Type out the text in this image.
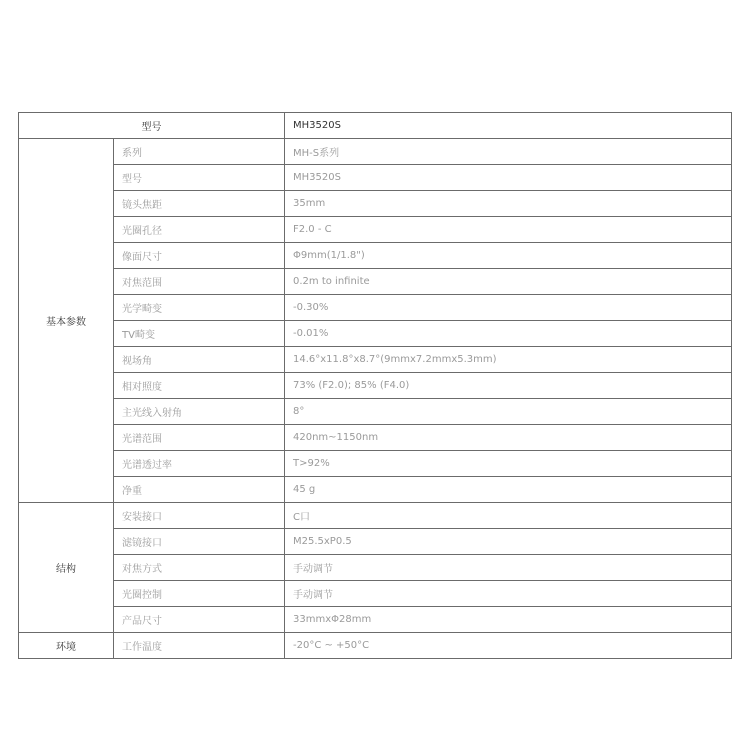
型号		MH3520S
基本参数	系列	MH-S系列
	型号	MH3520S
	镜头焦距	35mm
	光圈孔径	F2.0 - C
	像面尺寸	Φ9mm(1/1.8")
	对焦范围	0.2m to infinite
	光学畸变	-0.30%
	TV畸变	-0.01%
	视场角	14.6°x11.8°x8.7°(9mmx7.2mmx5.3mm)
	相对照度	73% (F2.0); 85% (F4.0)
	主光线入射角	8°
	光谱范围	420nm~1150nm
	光谱透过率	T>92%
	净重	45 g
结构	安装接口	C口
	滤镜接口	M25.5xP0.5
	对焦方式	手动调节
	光圈控制	手动调节
	产品尺寸	33mmxΦ28mm
环境	工作温度	-20°C ~ +50°C
